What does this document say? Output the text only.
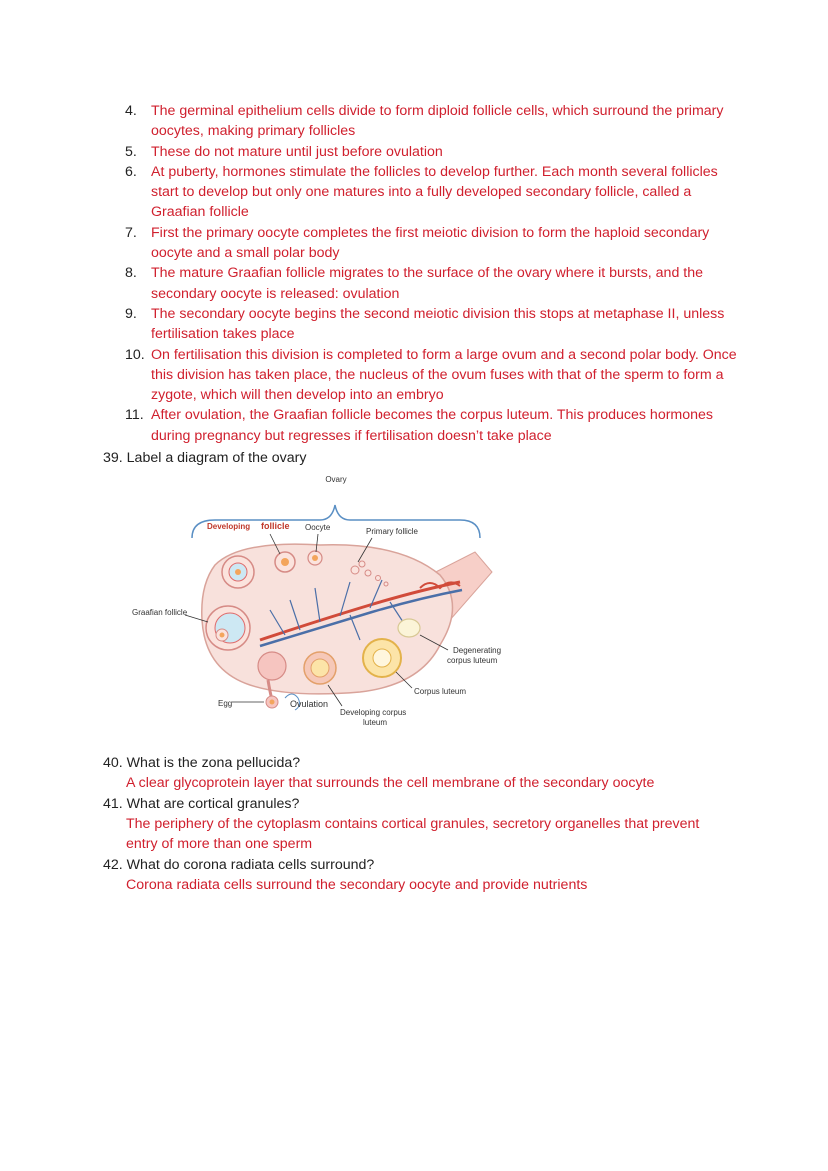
4. The germinal epithelium cells divide to form diploid follicle cells, which surround the primary oocytes, making primary follicles
5. These do not mature until just before ovulation
6. At puberty, hormones stimulate the follicles to develop further. Each month several follicles start to develop but only one matures into a fully developed secondary follicle, called a Graafian follicle
7. First the primary oocyte completes the first meiotic division to form the haploid secondary oocyte and a small polar body
8. The mature Graafian follicle migrates to the surface of the ovary where it bursts, and the secondary oocyte is released: ovulation
9. The secondary oocyte begins the second meiotic division this stops at metaphase II, unless fertilisation takes place
10. On fertilisation this division is completed to form a large ovum and a second polar body. Once this division has taken place, the nucleus of the ovum fuses with that of the sperm to form a zygote, which will then develop into an embryo
11. After ovulation, the Graafian follicle becomes the corpus luteum. This produces hormones during pregnancy but regresses if fertilisation doesn’t take place
39. Label a diagram of the ovary
Ovary
Developing follicle Oocyte	Primary follicle
Graafian follicle
Degenerating
corpus luteum
Corpus luteum
Egg	Ovulation
Developing corpus
luteum
40. What is the zona pellucida?
A clear glycoprotein layer that surrounds the cell membrane of the secondary oocyte
41. What are cortical granules?
The periphery of the cytoplasm contains cortical granules, secretory organelles that prevent entry of more than one sperm
42. What do corona radiata cells surround?
Corona radiata cells surround the secondary oocyte and provide nutrients
